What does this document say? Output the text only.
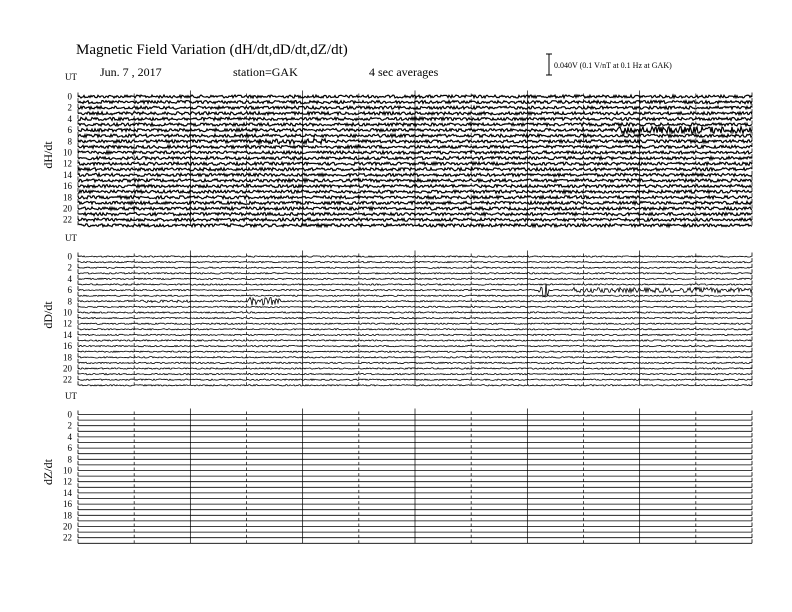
Magnetic Field Variation (dH/dt,dD/dt,dZ/dt)
Jun. 7 , 2017	station=GAK	4 sec averages	0.040V (0.1 V/nT at 0.1 Hz at GAK)
UT
dH/dt
0
2
4
6
8
10
12
14
16
18
20
22
UT
dD/dt
0
2
4
6
8
10
12
14
16
18
20
22
UT
dZ/dt
0
2
4
6
8
10
12
14
16
18
20
22
